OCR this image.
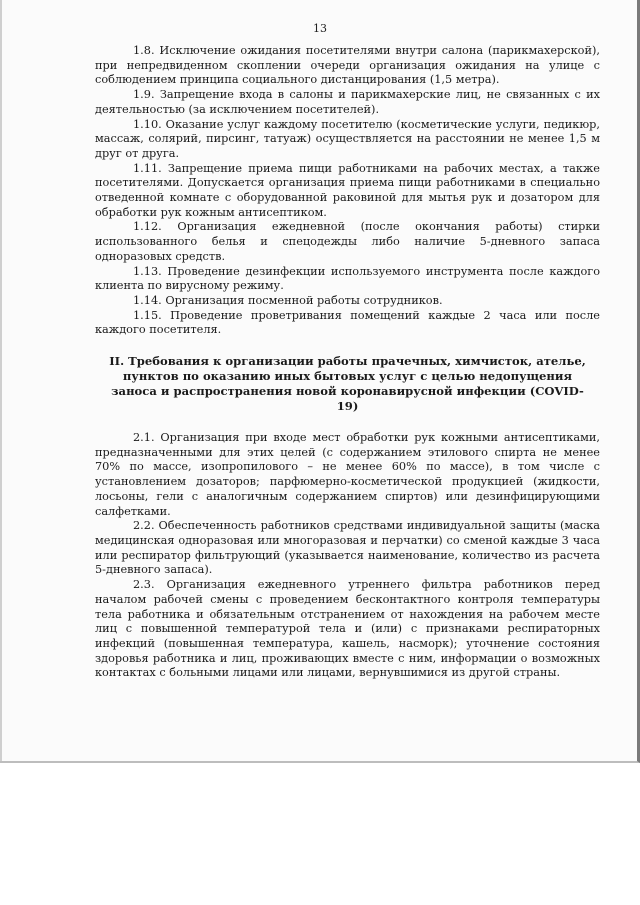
13

1.8. Исключение ожидания посетителями внутри салона (парикмахерской), при непредвиденном скоплении очереди организация ожидания на улице с соблюдением принципа социального дистанцирования (1,5 метра).

1.9. Запрещение входа в салоны и парикмахерские лиц, не связанных с их деятельностью (за исключением посетителей).

1.10. Оказание услуг каждому посетителю (косметические услуги, педикюр, массаж, солярий, пирсинг, татуаж) осуществляется на расстоянии не менее 1,5 м друг от друга.

1.11. Запрещение приема пищи работниками на рабочих местах, а также посетителями. Допускается организация приема пищи работниками в специально отведенной комнате с оборудованной раковиной для мытья рук и дозатором для обработки рук кожным антисептиком.

1.12. Организация ежедневной (после окончания работы) стирки использованного белья и спецодежды либо наличие 5-дневного запаса одноразовых средств.

1.13. Проведение дезинфекции используемого инструмента после каждого клиента по вирусному режиму.

1.14. Организация посменной работы сотрудников.

1.15. Проведение проветривания помещений каждые 2 часа или после каждого посетителя.

II. Требования к организации работы прачечных, химчисток, ателье, пунктов по оказанию иных бытовых услуг с целью недопущения заноса и распространения новой коронавирусной инфекции (COVID-19)

2.1. Организация при входе мест обработки рук кожными антисептиками, предназначенными для этих целей (с содержанием этилового спирта не менее 70% по массе, изопропилового – не менее 60% по массе), в том числе с установлением дозаторов; парфюмерно-косметической продукцией (жидкости, лосьоны, гели с аналогичным содержанием спиртов) или дезинфицирующими салфетками.

2.2. Обеспеченность работников средствами индивидуальной защиты (маска медицинская одноразовая или многоразовая и перчатки) со сменой каждые 3 часа или респиратор фильтрующий (указывается наименование, количество из расчета 5-дневного запаса).

2.3. Организация ежедневного утреннего фильтра работников перед началом рабочей смены с проведением бесконтактного контроля температуры тела работника и обязательным отстранением от нахождения на рабочем месте лиц с повышенной температурой тела и (или) с признаками респираторных инфекций (повышенная температура, кашель, насморк); уточнение состояния здоровья работника и лиц, проживающих вместе с ним, информации о возможных контактах с больными лицами или лицами, вернувшимися из другой страны.
